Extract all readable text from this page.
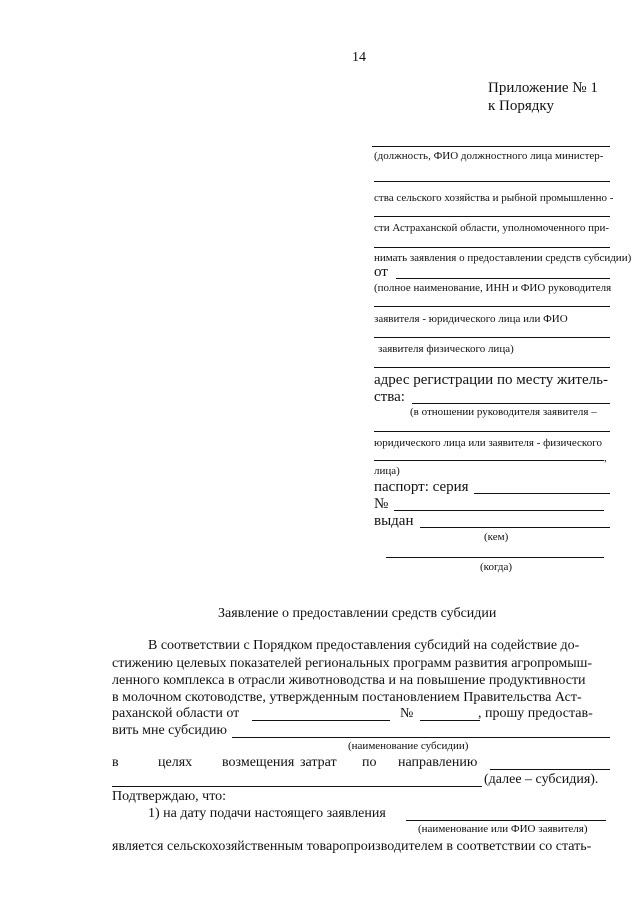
14
Приложение № 1
к Порядку
(должность, ФИО должностного лица министер-
ства сельского хозяйства и рыбной промышленно -
сти Астраханской области, уполномоченного при-
нимать заявления о предоставлении средств субсидии)
от
(полное наименование, ИНН и ФИО руководителя
заявителя - юридического лица или ФИО
заявителя физического лица)
адрес регистрации по месту житель-
ства:
(в отношении руководителя заявителя –
юридического лица или заявителя - физического
,
лица)
паспорт: серия
№
выдан
(кем)
(когда)
Заявление о предоставлении средств субсидии
В соответствии с Порядком предоставления субсидий на содействие до-
стижению целевых показателей региональных программ развития агропромыш-
ленного комплекса в отрасли животноводства и на повышение продуктивности
в молочном скотоводстве, утвержденным постановлением Правительства Аст-
раханской области от	№	, прошу предостав-
вить мне субсидию
(наименование субсидии)
в	целях возмещения затрат по направлению
(далее – субсидия).
Подтверждаю, что:
1) на дату подачи настоящего заявления
(наименование или ФИО заявителя)
является сельскохозяйственным товаропроизводителем в соответствии со стать-
